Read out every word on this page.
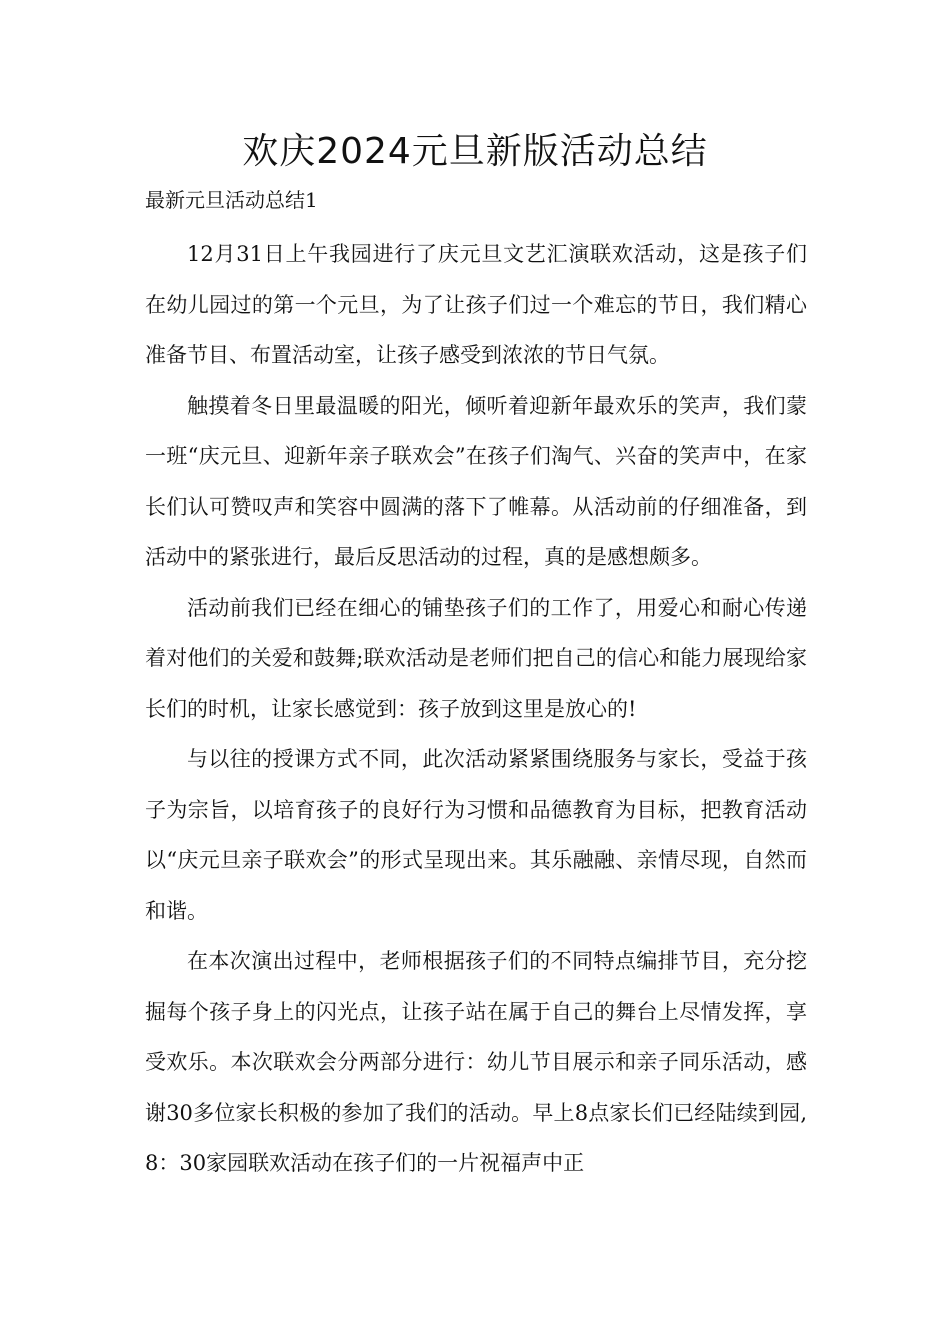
欢庆2024元旦新版活动总结
最新元旦活动总结1

12月31日上午我园进行了庆元旦文艺汇演联欢活动，这是孩子们在幼儿园过的第一个元旦，为了让孩子们过一个难忘的节日，我们精心准备节目、布置活动室，让孩子感受到浓浓的节日气氛。

触摸着冬日里最温暖的阳光，倾听着迎新年最欢乐的笑声，我们蒙一班“庆元旦、迎新年亲子联欢会”在孩子们淘气、兴奋的笑声中，在家长们认可赞叹声和笑容中圆满的落下了帷幕。从活动前的仔细准备，到活动中的紧张进行，最后反思活动的过程，真的是感想颇多。

活动前我们已经在细心的铺垫孩子们的工作了，用爱心和耐心传递着对他们的关爱和鼓舞;联欢活动是老师们把自己的信心和能力展现给家长们的时机，让家长感觉到：孩子放到这里是放心的!

与以往的授课方式不同，此次活动紧紧围绕服务与家长，受益于孩子为宗旨，以培育孩子的良好行为习惯和品德教育为目标，把教育活动以“庆元旦亲子联欢会”的形式呈现出来。其乐融融、亲情尽现，自然而和谐。

在本次演出过程中，老师根据孩子们的不同特点编排节目，充分挖掘每个孩子身上的闪光点，让孩子站在属于自己的舞台上尽情发挥，享受欢乐。本次联欢会分两部分进行：幼儿节目展示和亲子同乐活动，感谢30多位家长积极的参加了我们的活动。早上8点家长们已经陆续到园,8：30家园联欢活动在孩子们的一片祝福声中正
